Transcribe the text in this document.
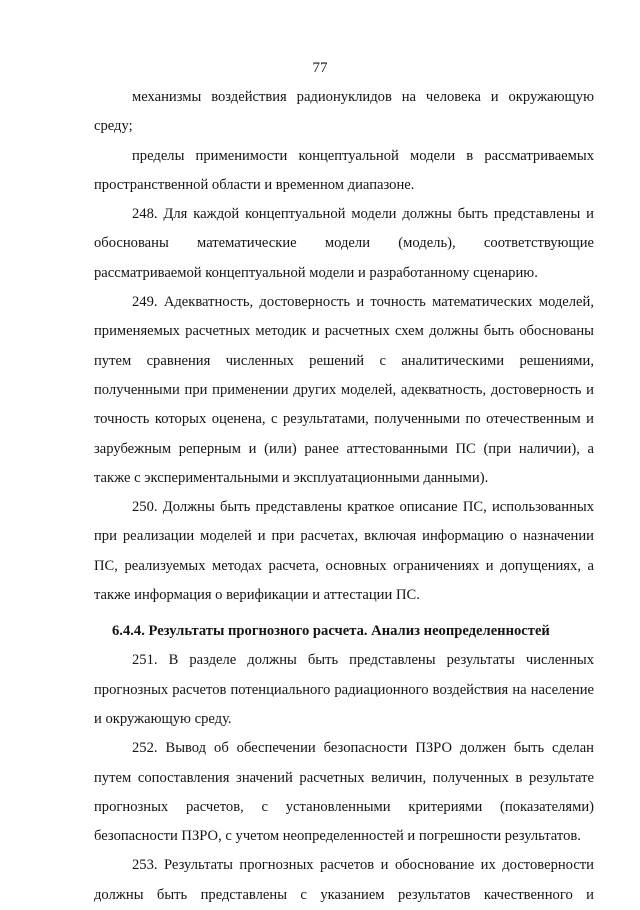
77

механизмы воздействия радионуклидов на человека и окружающую среду;

пределы применимости концептуальной модели в рассматриваемых пространственной области и временном диапазоне.

248. Для каждой концептуальной модели должны быть представлены и обоснованы математические модели (модель), соответствующие рассматриваемой концептуальной модели и разработанному сценарию.

249. Адекватность, достоверность и точность математических моделей, применяемых расчетных методик и расчетных схем должны быть обоснованы путем сравнения численных решений с аналитическими решениями, полученными при применении других моделей, адекватность, достоверность и точность которых оценена, с результатами, полученными по отечественным и зарубежным реперным и (или) ранее аттестованными ПС (при наличии), а также с экспериментальными и эксплуатационными данными).

250. Должны быть представлены краткое описание ПС, использованных при реализации моделей и при расчетах, включая информацию о назначении ПС, реализуемых методах расчета, основных ограничениях и допущениях, а также информация о верификации и аттестации ПС.

6.4.4. Результаты прогнозного расчета. Анализ неопределенностей

251. В разделе должны быть представлены результаты численных прогнозных расчетов потенциального радиационного воздействия на население и окружающую среду.

252. Вывод об обеспечении безопасности ПЗРО должен быть сделан путем сопоставления значений расчетных величин, полученных в результате прогнозных расчетов, с установленными критериями (показателями) безопасности ПЗРО, с учетом неопределенностей и погрешности результатов.

253. Результаты прогнозных расчетов и обоснование их достоверности должны быть представлены с указанием результатов качественного и
